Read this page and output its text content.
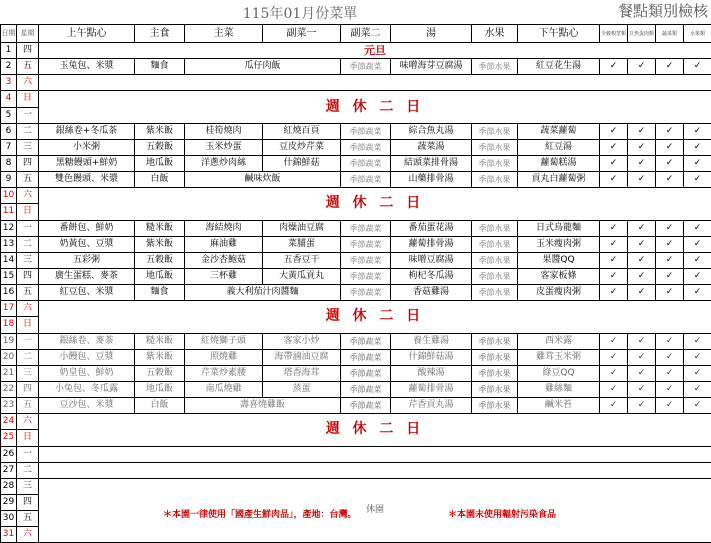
115年01月份菜單	餐點類別檢核
日期	星期	上午點心	主食	主菜	副菜一	副菜二	湯	水果	下午點心	全穀根莖類	豆魚蛋肉類	蔬菜類	水果類	
1	四	元旦												
2	五	玉兔包、米漿	麵食	瓜仔肉飯		季節蔬菜	味噌海芽豆腐湯	季節水果	紅豆花生湯	✓	✓	✓	✓	
3	六													
4	日	週 休 二 日												
5	一												
6	二	銀絲卷+冬瓜茶	紫米飯	桂筍燒肉	紅燒百頁	季節蔬菜	綜合魚丸湯	季節水果	蔬菜蘿蔔	✓	✓	✓	✓	
7	三	小米粥	五穀飯	玉米炒蛋	豆皮炒芹菜	季節蔬菜	蔬菜湯	季節水果	紅豆湯	✓	✓	✓	✓	
8	四	黑糖饅頭+鮮奶	地瓜飯	洋蔥炒肉絲	什錦鮮菇	季節蔬菜	結頭菜排骨湯	季節水果	蘿蔔糕湯	✓	✓	✓	✓	
9	五	雙色饅頭、米漿	白飯	鹹味炊飯		季節蔬菜	山藥排骨湯	季節水果	貢丸白蘿蔔粥	✓	✓	✓	✓	
10	六	週 休 二 日												
11	日													
12	一	番餅包、鮮奶	糙米飯	海結燒肉	肉燥油豆腐	季節蔬菜	番茄蛋花湯	季節水果	日式烏龍麵	✓	✓	✓	✓	
13	二	奶黃包、豆漿	紫米飯	麻油雞	菜脯蛋	季節蔬菜	蘿蔔排骨湯	季節水果	玉米瘦肉粥	✓	✓	✓	✓	
14	三	五彩粥	五穀飯	金沙杏鮑菇	五香豆干	季節蔬菜	味噌豆腐湯	季節水果	果醬QQ	✓	✓	✓	✓	
15	四	廣生蛋糕、麥茶	地瓜飯	三杯雞	大黃瓜貢丸	季節蔬菜	枸杞冬瓜湯	季節水果	客家板條	✓	✓	✓	✓	
16	五	紅豆包、米漿	麵食	義大利茄汁肉醬麵		季節蔬菜	香菇雞湯	季節水果	皮蛋瘦肉粥	✓	✓	✓	✓	
17	六	週 休 二 日												
18	日													
19	一	銀絲卷、麥茶	糙米飯	紅燒獅子頭	客家小炒	季節蔬菜	養生雞湯	季節水果	西米露	✓	✓	✓	✓	
20	二	小饅包、豆漿	紫米飯	照燒雞	海帶滷油豆腐	季節蔬菜	什錦鮮菇湯	季節水果	雞茸玉米粥	✓	✓	✓	✓	
21	三	奶皇包、鮮奶	五穀飯	芹菜炒素腰	塔香海茸	季節蔬菜	酸辣湯	季節水果	綠豆QQ	✓	✓	✓	✓	
22	四	小兔包、冬瓜露	地瓜飯	南瓜燒雞	蒸蛋	季節蔬菜	蘿蔔排骨湯	季節水果	雞絲麵	✓	✓	✓	✓	
23	五	豆沙包、米漿	白飯	壽喜燒雞飯		季節蔬菜	芹香貢丸湯	季節水果	鹹米苔	✓	✓	✓	✓	
24	六	週 休 二 日												
25	日													
26	一													
27	二													
28	三	休園												
29	四													
30	五													
31	六	
＊本園一律使用「國產生鮮肉品」，產地：台灣。	＊本園未使用輻射污染食品
